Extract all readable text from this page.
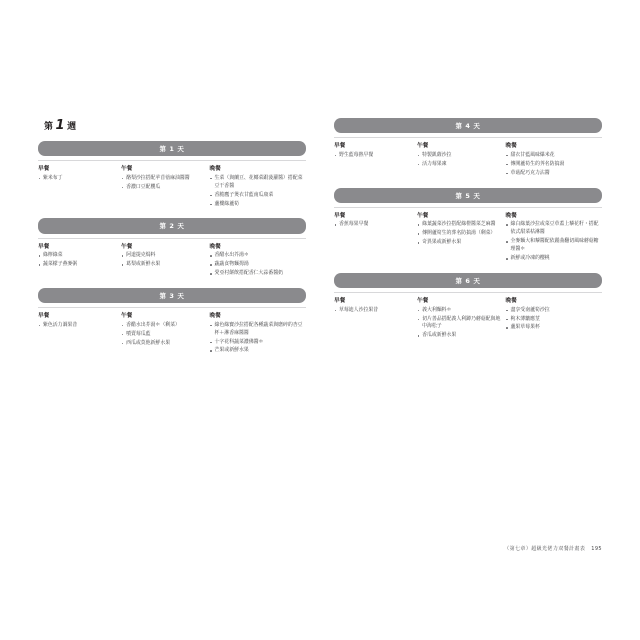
第 1 週
第 1 天
早餐
紫米布丁
午餐
酪梨沙拉搭配苹苜蓿麻油醬醬
香濃口豆配櫻瓜
晚餐
生菜（與蘭豆、花椰菜跟菠蘿醬）搭配菜豆干香醬
香脆鷹子煲衣甘藍南瓜康菜
蘆樓綠蘆筍
第 2 天
早餐
綠檸綠菜
蔬菜檬子燕麥粥
午餐
阿道提克焗料
葛梨或新鮮水果
晚餐
香醋水出芥湯＊
蔬蔬食物麵拇湯
愛亞村餅飲搭配香仁大蒜番醬奶
第 3 天
早餐
紫色活力調果昔
午餐
香醋水出芥湯＊（剩菜）
噴賣莓瓜藍
西瓜或莫他新鮮水果
晚餐
綠色綠寶沙拉搭配各種蔬菜與磨碎的杏豆杯＋淋香麻醬醬
十字花科蔬菜濃佛醬＊
芒果或新鮮水果
第 4 天
早餐
野生藍莓熱早餐
午餐
特製凱薩沙拉
活力莓果凍
晚餐
甜衣甘藍風味爆米花
傳開蘆筍生的荠名防搞湯
草菇配巧克力沾醬
第 5 天
早餐
香蕉莓果早餐
午餐
綠葉蔬菜沙拉搭配綠橙醬菜芝麻醬
傳開蘆筍生的葬名防搞湯（剩菜）
奇異果或新鮮水果
晚餐
綠白綠葉沙拉或菜豆草蓋上藜花籽・搭配依式甜菜枯淋醬
全麥麵大和藜醬配依麗曲翻切風味蘑菇糖理醬＊
新鮮或冷凍的櫻桃
第 6 天
早餐
草莓迪人沙拉果昔
午餐
義大利麵料＊
切片善品搭配義人利蹲乃蘑菇配與地中海松子
香瓜或新鮮水果
晚餐
盡享受南蘆筍沙拉
枸木薄皺應莖
蘆果草莓果杯
（第七章）超級光佬力双餐計畫表 195
